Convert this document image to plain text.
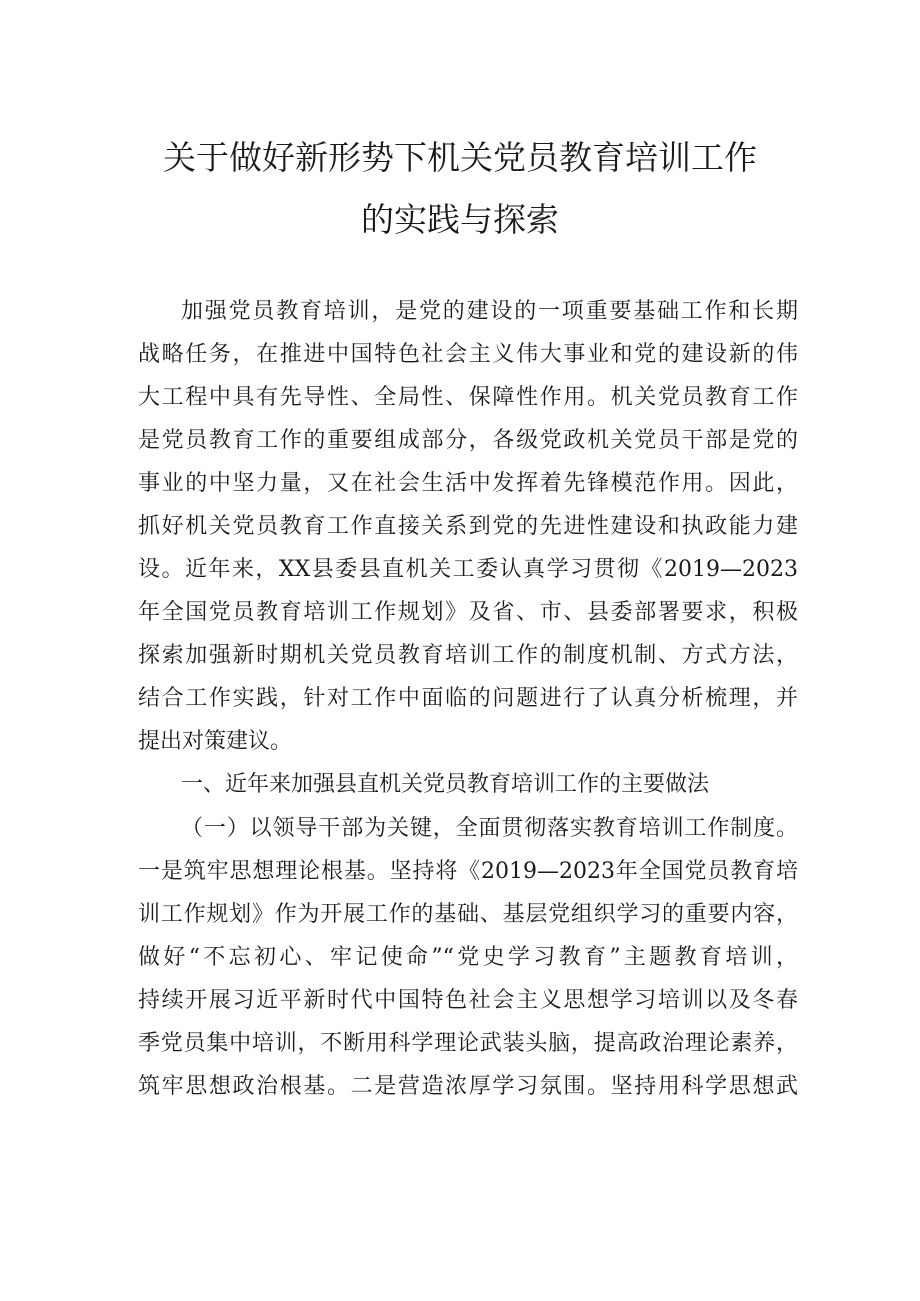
关于做好新形势下机关党员教育培训工作
的实践与探索
加强党员教育培训，是党的建设的一项重要基础工作和长期
战略任务，在推进中国特色社会主义伟大事业和党的建设新的伟
大工程中具有先导性、全局性、保障性作用。机关党员教育工作
是党员教育工作的重要组成部分，各级党政机关党员干部是党的
事业的中坚力量，又在社会生活中发挥着先锋模范作用。因此，
抓好机关党员教育工作直接关系到党的先进性建设和执政能力建
设。近年来，XX县委县直机关工委认真学习贯彻《2019—2023
年全国党员教育培训工作规划》及省、市、县委部署要求，积极
探索加强新时期机关党员教育培训工作的制度机制、方式方法，
结合工作实践，针对工作中面临的问题进行了认真分析梳理，并
提出对策建议。
一、近年来加强县直机关党员教育培训工作的主要做法
（一）以领导干部为关键，全面贯彻落实教育培训工作制度。
一是筑牢思想理论根基。坚持将《2019—2023年全国党员教育培
训工作规划》作为开展工作的基础、基层党组织学习的重要内容，
做好“不忘初心、牢记使命”“党史学习教育”主题教育培训，
持续开展习近平新时代中国特色社会主义思想学习培训以及冬春
季党员集中培训，不断用科学理论武装头脑，提高政治理论素养，
筑牢思想政治根基。二是营造浓厚学习氛围。坚持用科学思想武
